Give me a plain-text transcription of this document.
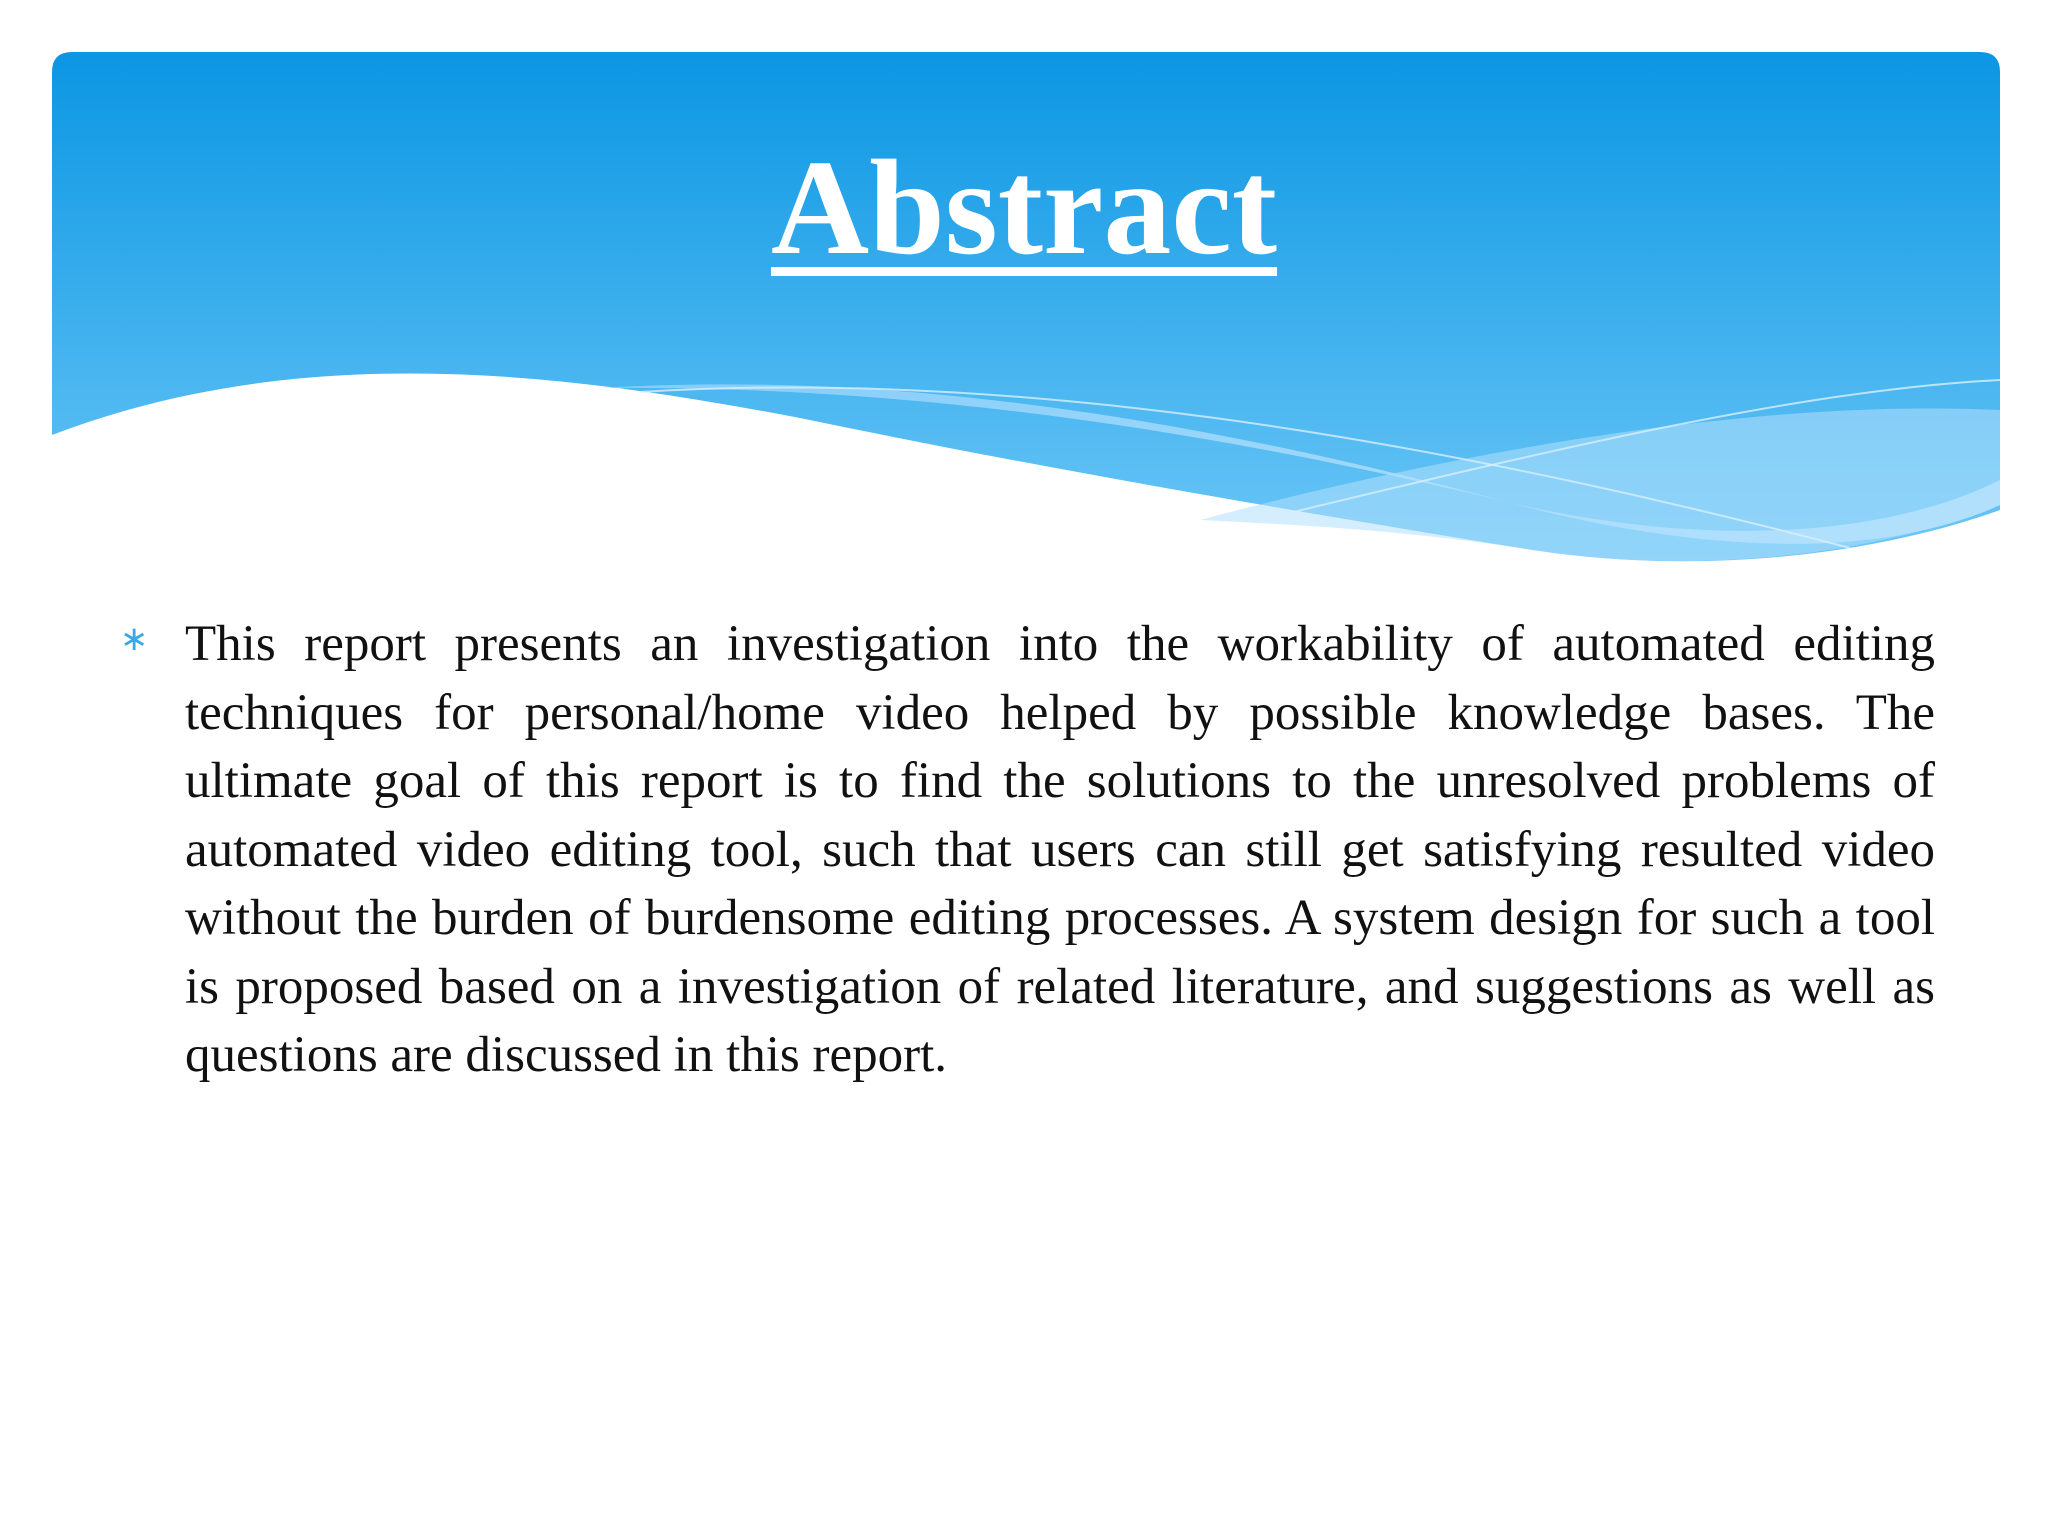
Abstract
∗ This report presents an investigation into the workability of automated editing techniques for personal/home video helped by possible knowledge bases. The ultimate goal of this report is to find the solutions to the unresolved problems of automated video editing tool, such that users can still get satisfying resulted video without the burden of burdensome editing processes. A system design for such a tool is proposed based on a investigation of related literature, and suggestions as well as questions are discussed in this report.
